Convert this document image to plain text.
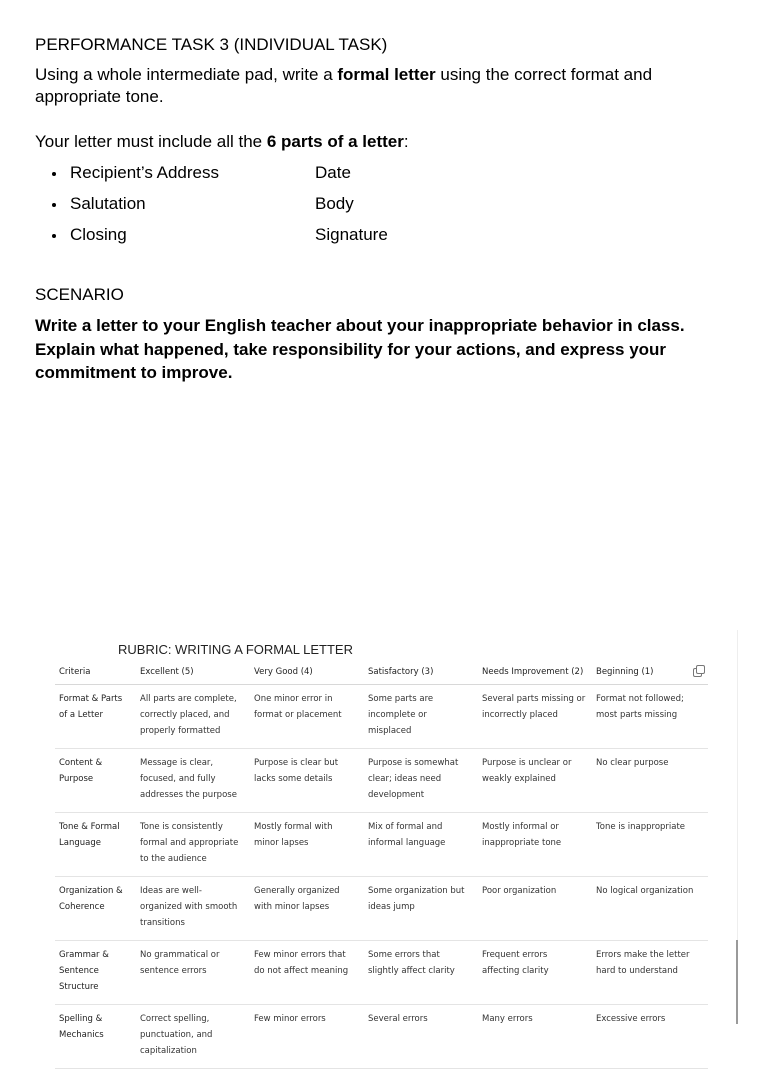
PERFORMANCE TASK 3 (INDIVIDUAL TASK)

Using a whole intermediate pad, write a formal letter using the correct format and appropriate tone.

Your letter must include all the 6 parts of a letter:

Recipient’s Address	Date
Salutation	Body
Closing	Signature
SCENARIO

Write a letter to your English teacher about your inappropriate behavior in class. Explain what happened, take responsibility for your actions, and express your commitment to improve.

RUBRIC: WRITING A FORMAL LETTER
Criteria	Excellent (5)	Very Good (4)	Satisfactory (3)	Needs Improvement (2)	Beginning (1)
Format & Parts of a Letter	All parts are complete, correctly placed, and properly formatted	One minor error in format or placement	Some parts are incomplete or misplaced	Several parts missing or incorrectly placed	Format not followed; most parts missing
Content & Purpose	Message is clear, focused, and fully addresses the purpose	Purpose is clear but lacks some details	Purpose is somewhat clear; ideas need development	Purpose is unclear or weakly explained	No clear purpose
Tone & Formal Language	Tone is consistently formal and appropriate to the audience	Mostly formal with minor lapses	Mix of formal and informal language	Mostly informal or inappropriate tone	Tone is inappropriate
Organization & Coherence	Ideas are well-organized with smooth transitions	Generally organized with minor lapses	Some organization but ideas jump	Poor organization	No logical organization
Grammar & Sentence Structure	No grammatical or sentence errors	Few minor errors that do not affect meaning	Some errors that slightly affect clarity	Frequent errors affecting clarity	Errors make the letter hard to understand
Spelling & Mechanics	Correct spelling, punctuation, and capitalization	Few minor errors	Several errors	Many errors	Excessive errors
